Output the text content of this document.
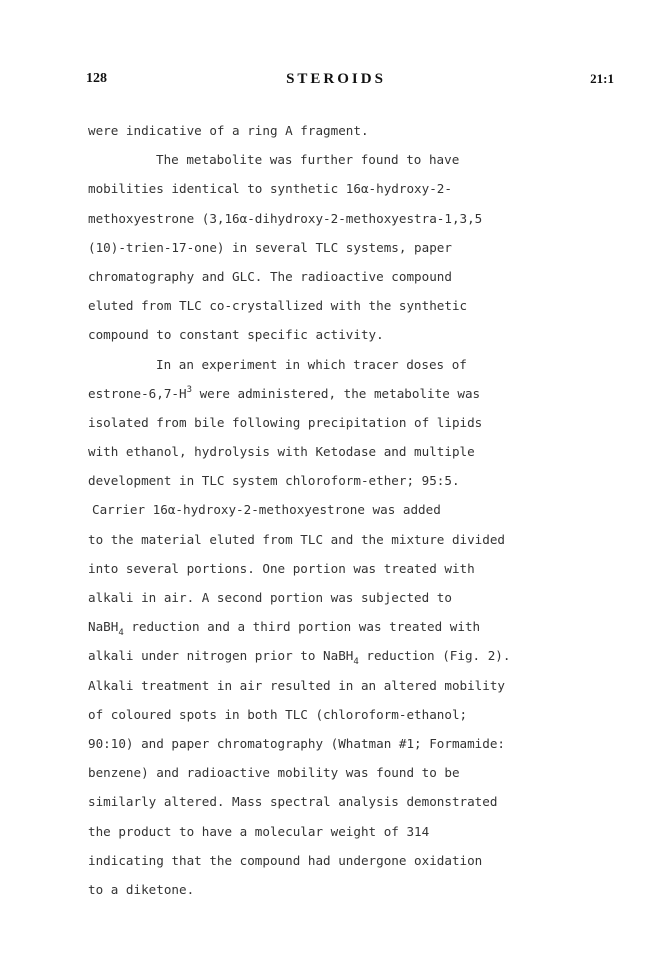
128	STEROIDS	21:1
were indicative of a ring A fragment.
The metabolite was further found to have
mobilities identical to synthetic 16α-hydroxy-2-
methoxyestrone (3,16α-dihydroxy-2-methoxyestra-1,3,5
(10)-trien-17-one) in several TLC systems, paper
chromatography and GLC. The radioactive compound
eluted from TLC co-crystallized with the synthetic
compound to constant specific activity.
In an experiment in which tracer doses of
estrone-$6,7-H^3$ were administered, the metabolite was
isolated from bile following precipitation of lipids
with ethanol, hydrolysis with Ketodase and multiple
development in TLC system chloroform-ether; 95:5.
Carrier 16α-hydroxy-2-methoxyestrone was added
to the material eluted from TLC and the mixture divided
into several portions. One portion was treated with
alkali in air. A second portion was subjected to
NaBH$_4$ reduction and a third portion was treated with
alkali under nitrogen prior to NaBH$_4$ reduction (Fig. 2).
Alkali treatment in air resulted in an altered mobility
of coloured spots in both TLC (chloroform-ethanol;
90:10) and paper chromatography (Whatman #1; Formamide:
benzene) and radioactive mobility was found to be
similarly altered. Mass spectral analysis demonstrated
the product to have a molecular weight of 314
indicating that the compound had undergone oxidation
to a diketone.
